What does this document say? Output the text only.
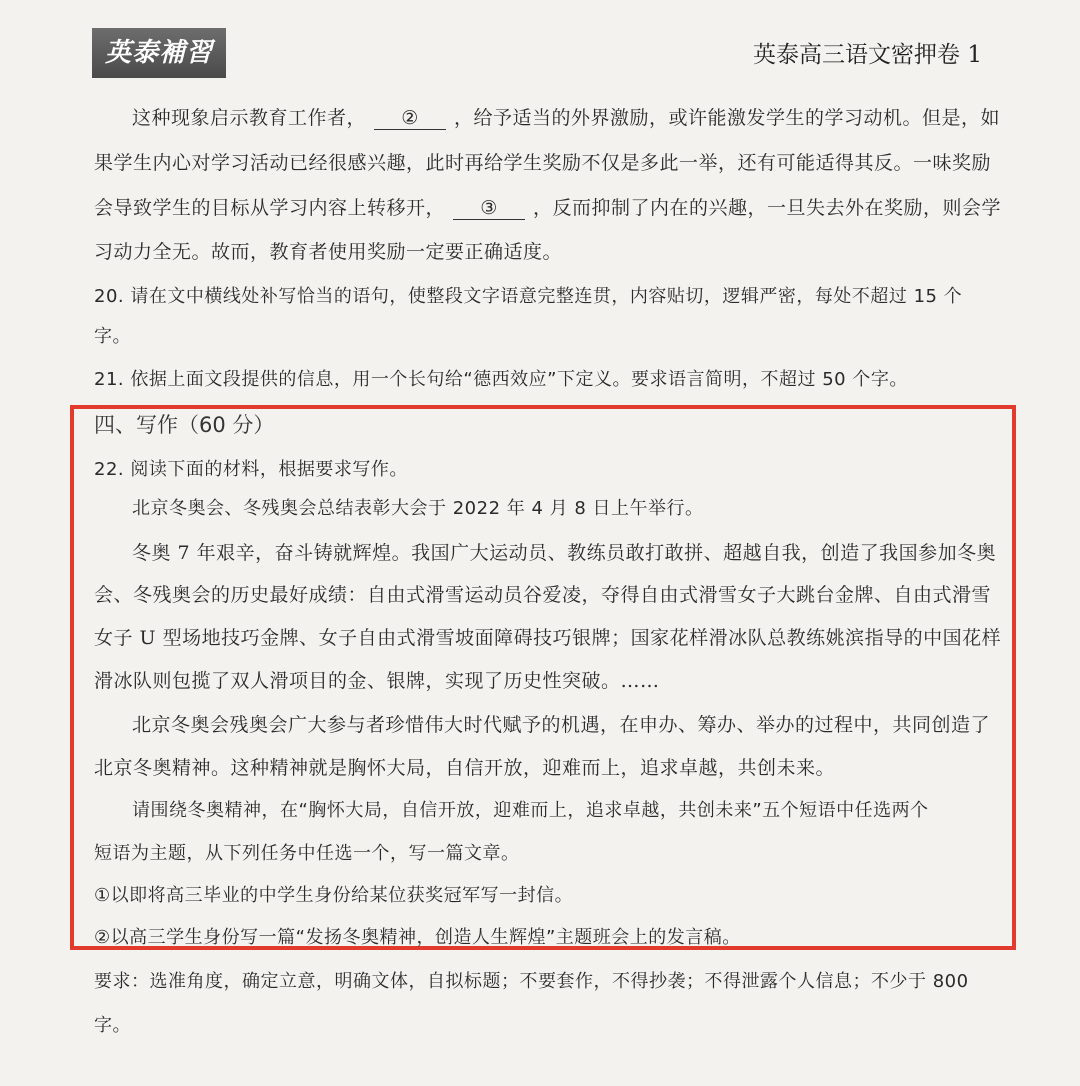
英泰補習	英泰高三语文密押卷 1
这种现象启示教育工作者， ② ，给予适当的外界激励，或许能激发学生的学习动机。但是，如
果学生内心对学习活动已经很感兴趣，此时再给学生奖励不仅是多此一举，还有可能适得其反。一味奖励
会导致学生的目标从学习内容上转移开， ③ ，反而抑制了内在的兴趣，一旦失去外在奖励，则会学
习动力全无。故而，教育者使用奖励一定要正确适度。
20. 请在文中横线处补写恰当的语句，使整段文字语意完整连贯，内容贴切，逻辑严密，每处不超过 15 个
字。
21. 依据上面文段提供的信息，用一个长句给“德西效应”下定义。要求语言简明，不超过 50 个字。
四、写作（60 分）
22. 阅读下面的材料，根据要求写作。
北京冬奥会、冬残奥会总结表彰大会于 2022 年 4 月 8 日上午举行。
冬奥 7 年艰辛，奋斗铸就辉煌。我国广大运动员、教练员敢打敢拼、超越自我，创造了我国参加冬奥
会、冬残奥会的历史最好成绩：自由式滑雪运动员谷爱凌，夺得自由式滑雪女子大跳台金牌、自由式滑雪
女子 U 型场地技巧金牌、女子自由式滑雪坡面障碍技巧银牌；国家花样滑冰队总教练姚滨指导的中国花样
滑冰队则包揽了双人滑项目的金、银牌，实现了历史性突破。……
北京冬奥会残奥会广大参与者珍惜伟大时代赋予的机遇，在申办、筹办、举办的过程中，共同创造了
北京冬奥精神。这种精神就是胸怀大局，自信开放，迎难而上，追求卓越，共创未来。
请围绕冬奥精神，在“胸怀大局，自信开放，迎难而上，追求卓越，共创未来”五个短语中任选两个
短语为主题，从下列任务中任选一个，写一篇文章。
①以即将高三毕业的中学生身份给某位获奖冠军写一封信。
②以高三学生身份写一篇“发扬冬奥精神，创造人生辉煌”主题班会上的发言稿。
要求：选准角度，确定立意，明确文体，自拟标题；不要套作，不得抄袭；不得泄露个人信息；不少于 800
字。
